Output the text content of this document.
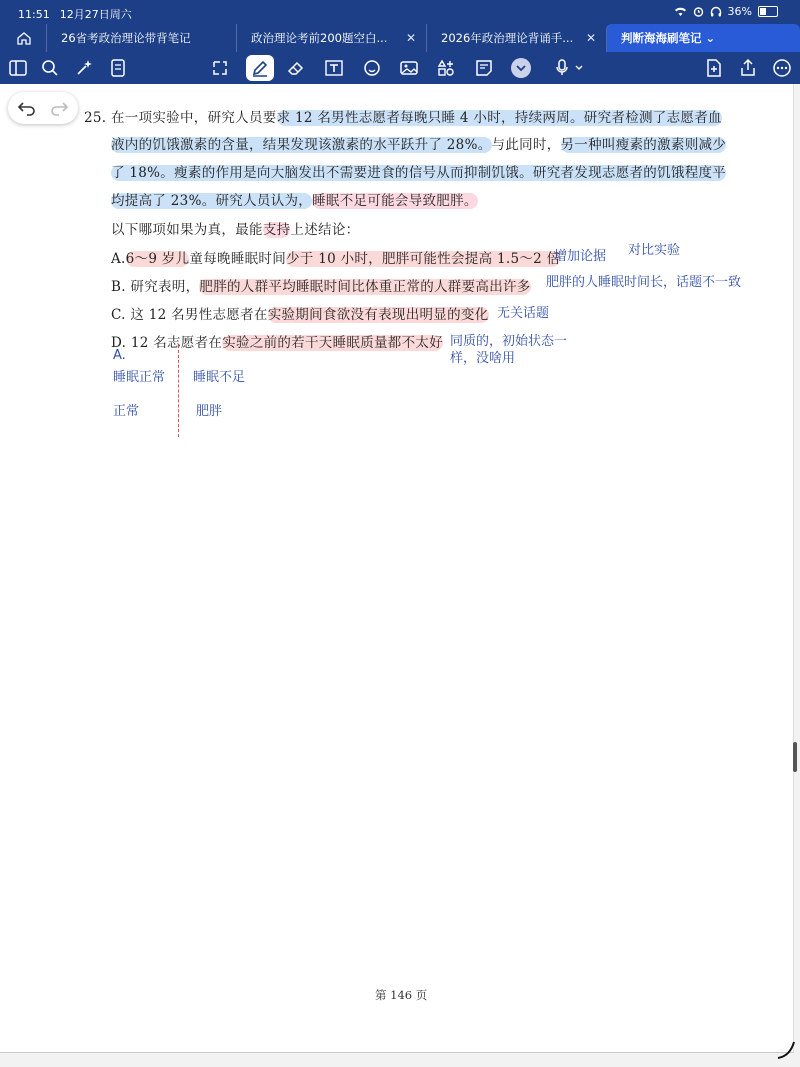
11:51 12月27日周六	36%
26省考政治理论带背笔记	政治理论考前200题空白... ✕	2026年政治理论背诵手... ✕	判断海海刷笔记 ⌄
25. 在一项实验中，研究人员要求 12 名男性志愿者每晚只睡 4 小时，持续两周。研究者检测了志愿者血
液内的饥饿激素的含量，结果发现该激素的水平跃升了 28%。与此同时，另一种叫瘦素的激素则减少
了 18%。瘦素的作用是向大脑发出不需要进食的信号从而抑制饥饿。研究者发现志愿者的饥饿程度平
均提高了 23%。研究人员认为，睡眠不足可能会导致肥胖。
以下哪项如果为真，最能支持上述结论：
A.6～9 岁儿童每晚睡眠时间少于 10 小时，肥胖可能性会提高 1.5～2 倍
B. 研究表明，肥胖的人群平均睡眠时间比体重正常的人群要高出许多
C. 这 12 名男性志愿者在实验期间食欲没有表现出明显的变化
D. 12 名志愿者在实验之前的若干天睡眠质量都不太好
增加论据 对比实验
肥胖的人睡眠时间长，话题不一致
无关话题
同质的，初始状态一
样，没啥用
A.
睡眠正常 睡眠不足
正常	肥胖
第 146 页
